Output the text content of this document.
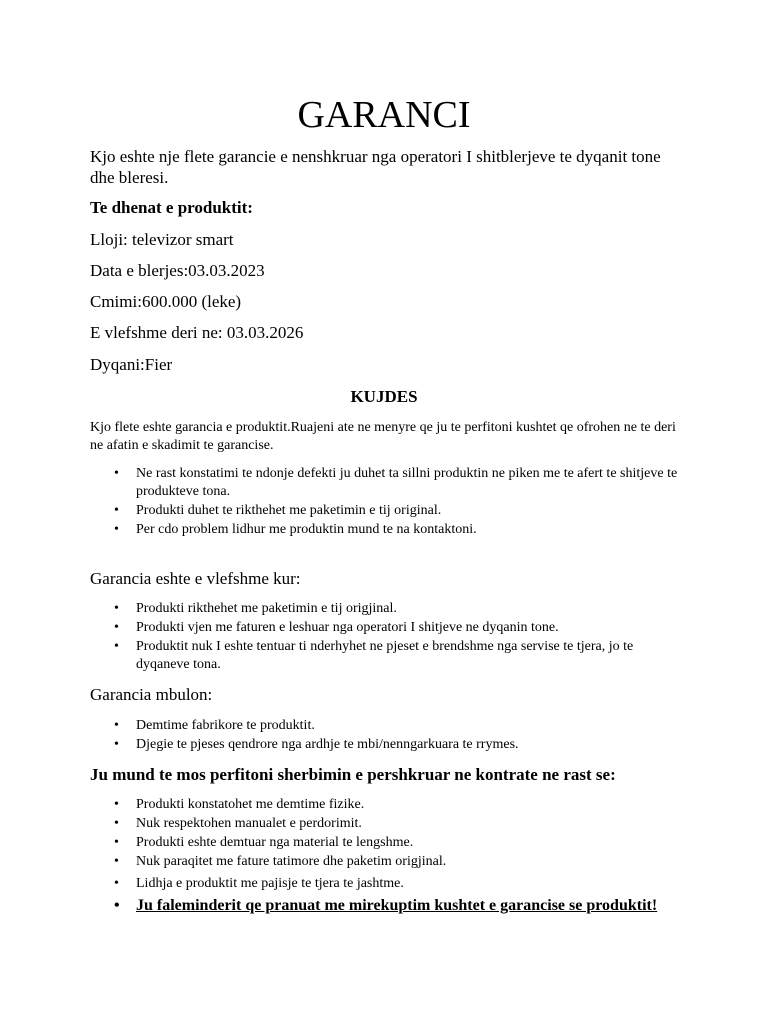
GARANCI
Kjo eshte nje flete garancie e nenshkruar nga operatori I shitblerjeve te dyqanit tone dhe bleresi.
Te dhenat e produktit:
Lloji: televizor smart
Data e blerjes:03.03.2023
Cmimi:600.000 (leke)
E vlefshme deri ne: 03.03.2026
Dyqani:Fier
KUJDES
Kjo flete eshte garancia e produktit.Ruajeni ate ne menyre qe ju te perfitoni kushtet qe ofrohen ne te deri ne afatin e skadimit te garancise.
• Ne rast konstatimi te ndonje defekti ju duhet ta sillni produktin ne piken me te afert te shitjeve te produkteve tona.
• Produkti duhet te rikthehet me paketimin e tij original.
• Per cdo problem lidhur me produktin mund te na kontaktoni.
Garancia eshte e vlefshme kur:
• Produkti rikthehet me paketimin e tij origjinal.
• Produkti vjen me faturen e leshuar nga operatori I shitjeve ne dyqanin tone.
• Produktit nuk I eshte tentuar ti nderhyhet ne pjeset e brendshme nga servise te tjera, jo te dyqaneve tona.
Garancia mbulon:
• Demtime fabrikore te produktit.
• Djegie te pjeses qendrore nga ardhje te mbi/nenngarkuara te rrymes.
Ju mund te mos perfitoni sherbimin e pershkruar ne kontrate ne rast se:
• Produkti konstatohet me demtime fizike.
• Nuk respektohen manualet e perdorimit.
• Produkti eshte demtuar nga material te lengshme.
• Nuk paraqitet me fature tatimore dhe paketim origjinal.
• Lidhja e produktit me pajisje te tjera te jashtme.
• Ju faleminderit qe pranuat me mirekuptim kushtet e garancise se produktit!
